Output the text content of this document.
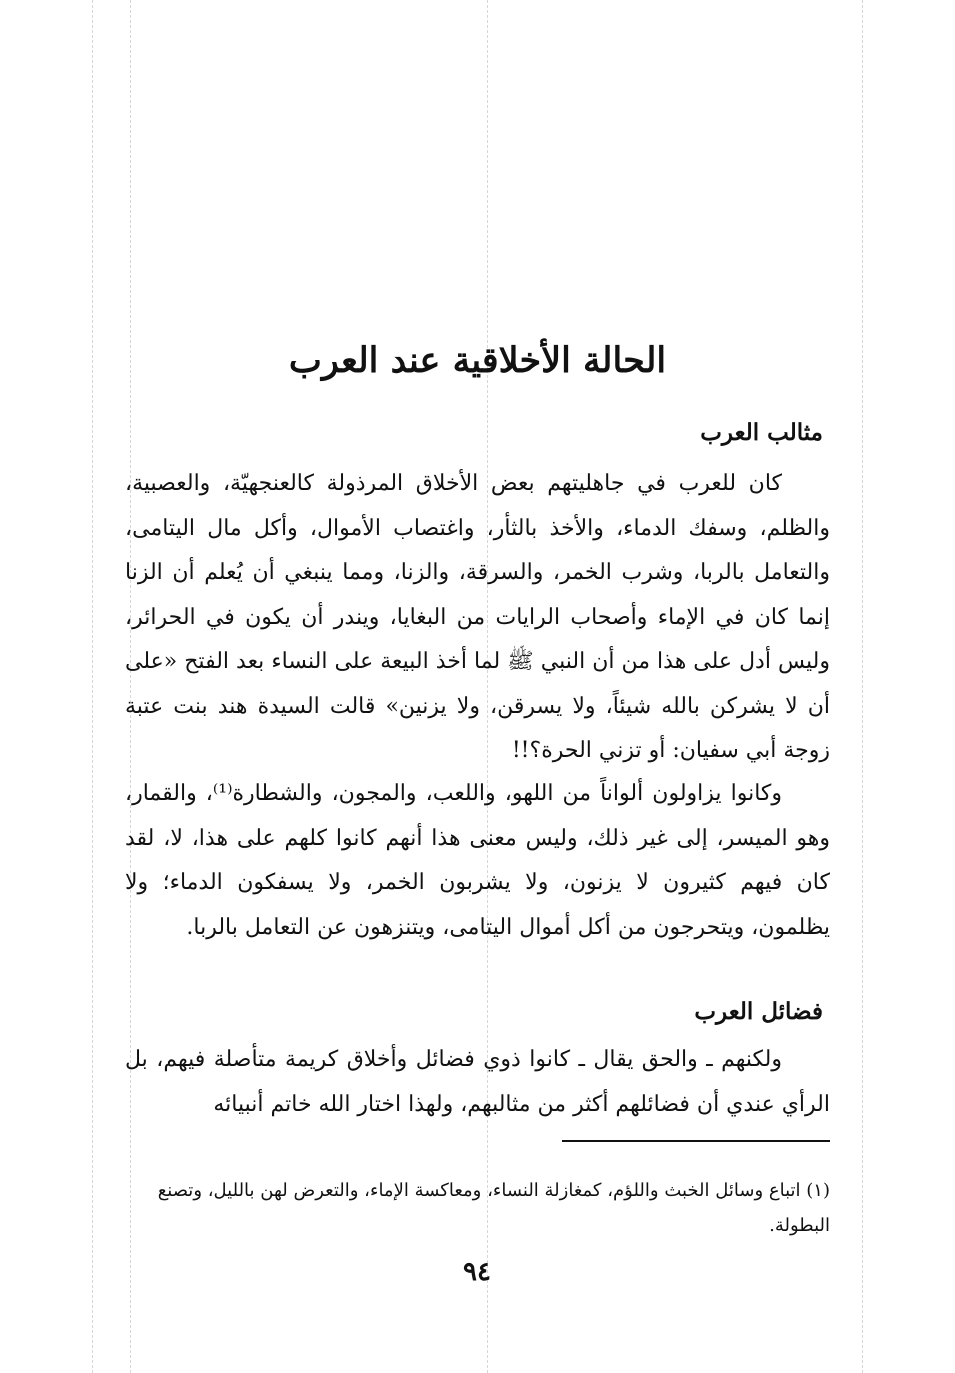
الحالة الأخلاقية عند العرب
مثالب العرب

كان للعرب في جاهليتهم بعض الأخلاق المرذولة كالعنجهيّة، والعصبية، والظلم، وسفك الدماء، والأخذ بالثأر، واغتصاب الأموال، وأكل مال اليتامى، والتعامل بالربا، وشرب الخمر، والسرقة، والزنا، ومما ينبغي أن يُعلم أن الزنا إنما كان في الإماء وأصحاب الرايات من البغايا، ويندر أن يكون في الحرائر، وليس أدل على هذا من أن النبي ﷺ لما أخذ البيعة على النساء بعد الفتح «على أن لا يشركن بالله شيئاً، ولا يسرقن، ولا يزنين» قالت السيدة هند بنت عتبة زوجة أبي سفيان: أو تزني الحرة؟!!

وكانوا يزاولون ألواناً من اللهو، واللعب، والمجون، والشطارة⁽¹⁾، والقمار، وهو الميسر، إلى غير ذلك، وليس معنى هذا أنهم كانوا كلهم على هذا، لا، لقد كان فيهم كثيرون لا يزنون، ولا يشربون الخمر، ولا يسفكون الدماء؛ ولا يظلمون، ويتحرجون من أكل أموال اليتامى، ويتنزهون عن التعامل بالربا.

فضائل العرب

ولكنهم ـ والحق يقال ـ كانوا ذوي فضائل وأخلاق كريمة متأصلة فيهم، بل الرأي عندي أن فضائلهم أكثر من مثالبهم، ولهذا اختار الله خاتم أنبيائه

(١) اتباع وسائل الخبث واللؤم، كمغازلة النساء، ومعاكسة الإماء، والتعرض لهن بالليل، وتصنع البطولة.

٩٤
